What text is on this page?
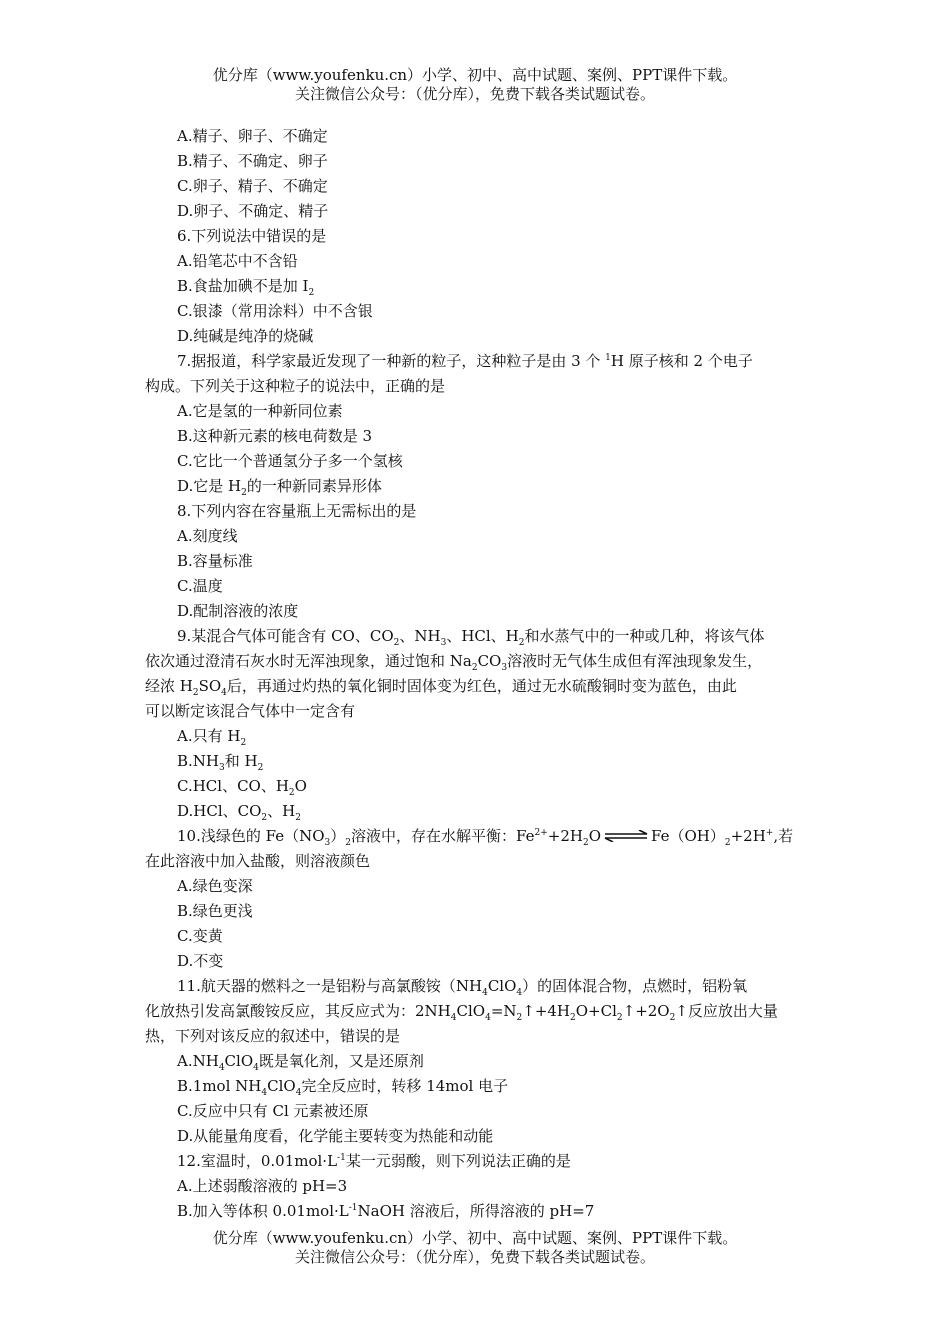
优分库（www.youfenku.cn）小学、初中、高中试题、案例、PPT课件下载。
关注微信公众号：（优分库），免费下载各类试题试卷。
A.精子、卵子、不确定
B.精子、不确定、卵子
C.卵子、精子、不确定
D.卵子、不确定、精子
6.下列说法中错误的是
A.铅笔芯中不含铅
B.食盐加碘不是加 $I_2$
C.银漆（常用涂料）中不含银
D.纯碱是纯净的烧碱
7.据报道，科学家最近发现了一种新的粒子，这种粒子是由 3 个 $^1$H 原子核和 2 个电子
构成。下列关于这种粒子的说法中，正确的是
A.它是氢的一种新同位素
B.这种新元素的核电荷数是 3
C.它比一个普通氢分子多一个氢核
D.它是 $H_2$的一种新同素异形体
8.下列内容在容量瓶上无需标出的是
A.刻度线
B.容量标准
C.温度
D.配制溶液的浓度
9.某混合气体可能含有 CO、$CO_2$、$NH_3$、HCl、$H_2$和水蒸气中的一种或几种，将该气体
依次通过澄清石灰水时无浑浊现象，通过饱和 $Na_2CO_3$溶液时无气体生成但有浑浊现象发生，
经浓 $H_2SO_4$后，再通过灼热的氧化铜时固体变为红色，通过无水硫酸铜时变为蓝色，由此
可以断定该混合气体中一定含有
A.只有 $H_2$
$B.NH_3$和 $H_2$
C.HCl、CO、$H_2O$
D.HCl、$CO_2$、$H_2$
10.浅绿色的 $Fe(NO_3)_2$溶液中，存在水解平衡：$Fe^{2+}+2H_2O\rightleftharpoons Fe(OH)_2+2H^+$,若
在此溶液中加入盐酸，则溶液颜色
A.绿色变深
B.绿色更浅
C.变黄
D.不变
11.航天器的燃料之一是铝粉与高氯酸铵$(NH_4ClO_4)$的固体混合物，点燃时，铝粉氧
化放热引发高氯酸铵反应，其反应式为：$2NH_4ClO_4=N_2↑+4H_2O+Cl_2↑+2O_2↑$反应放出大量
热，下列对该反应的叙述中，错误的是
$A.NH_4ClO_4$既是氧化剂，又是还原剂
B.1mol $NH_4ClO_4$完全反应时，转移 14mol 电子
C.反应中只有 Cl 元素被还原
D.从能量角度看，化学能主要转变为热能和动能
12.室温时，$0.01mol\cdot L^{-1}$某一元弱酸，则下列说法正确的是
A.上述弱酸溶液的 pH=3
B.加入等体积 $0.01mol\cdot L^{-1}NaOH$ 溶液后，所得溶液的 pH=7
优分库（www.youfenku.cn）小学、初中、高中试题、案例、PPT课件下载。
关注微信公众号：（优分库），免费下载各类试题试卷。
